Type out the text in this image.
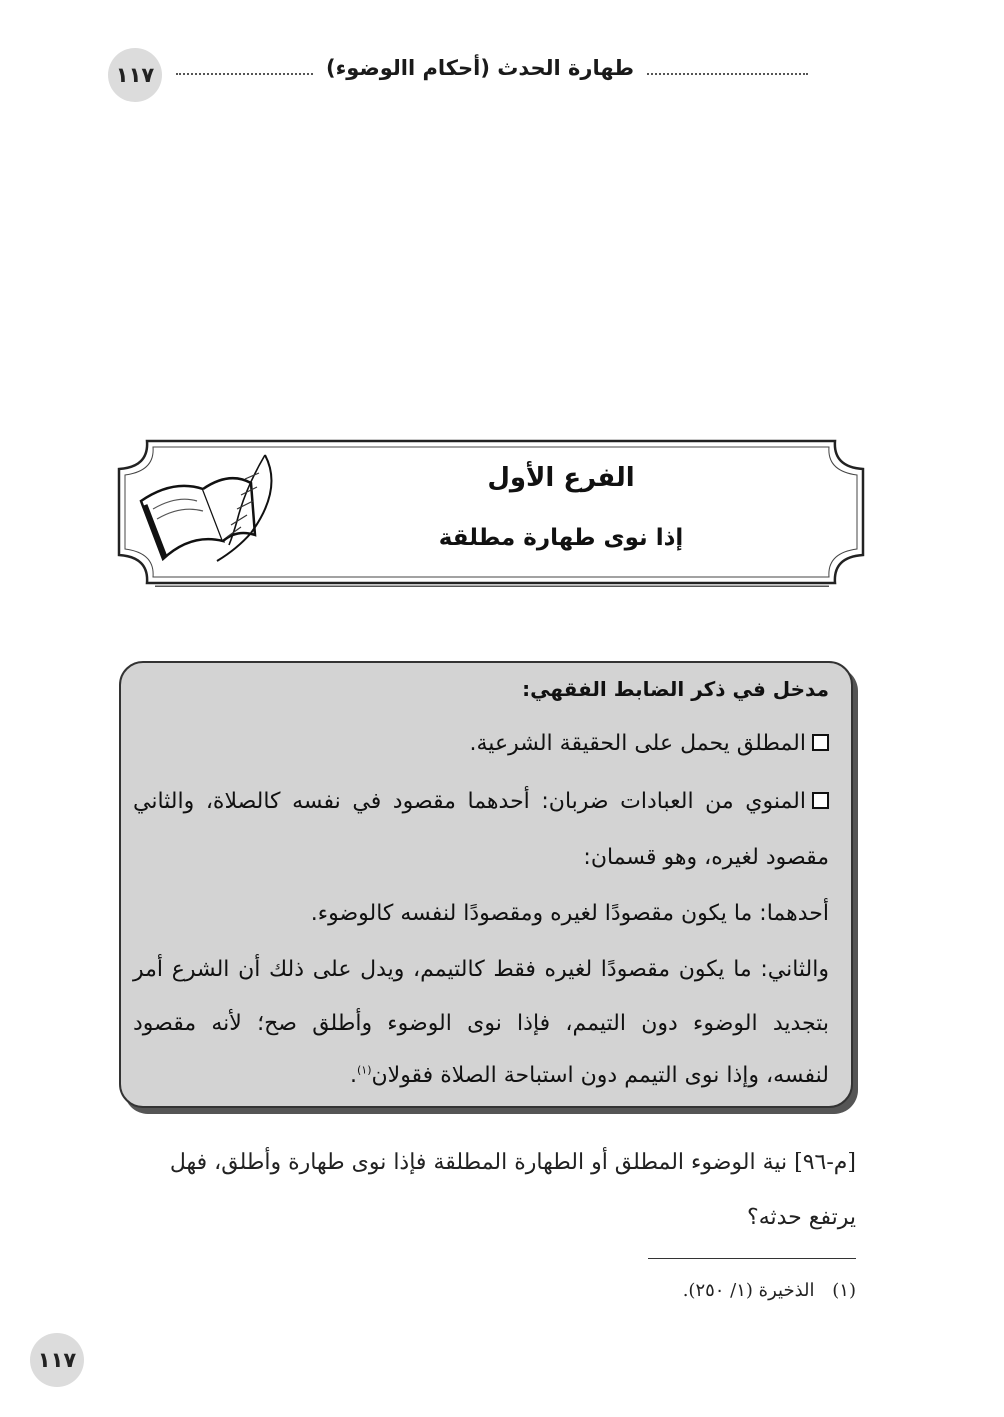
طهارة الحدث (أحكام االوضوء)
١١٧
الفرع الأول
إذا نوى طهارة مطلقة
مدخل في ذكر الضابط الفقهي:
المطلق يحمل على الحقيقة الشرعية.
المنوي من العبادات ضربان: أحدهما مقصود في نفسه كالصلاة، والثاني
مقصود لغيره، وهو قسمان:
أحدهما: ما يكون مقصودًا لغيره ومقصودًا لنفسه كالوضوء.
والثاني: ما يكون مقصودًا لغيره فقط كالتيمم، ويدل على ذلك أن الشرع أمر
بتجديد الوضوء دون التيمم، فإذا نوى الوضوء وأطلق صح؛ لأنه مقصود
لنفسه، وإذا نوى التيمم دون استباحة الصلاة فقولان$^{(١)}$.
[م-٩٦] نية الوضوء المطلق أو الطهارة المطلقة فإذا نوى طهارة وأطلق، فهل
يرتفع حدثه؟
(١) الذخيرة (١/ ٢٥٠).
١١٧
